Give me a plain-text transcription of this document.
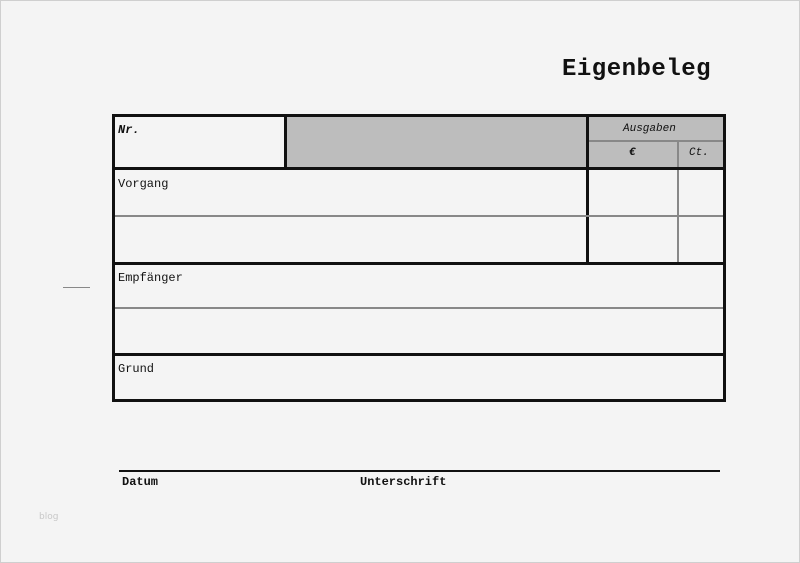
Eigenbeleg
Nr.	Ausgaben
€	Ct.
Vorgang
Empfänger
Grund
Datum	Unterschrift
blog
